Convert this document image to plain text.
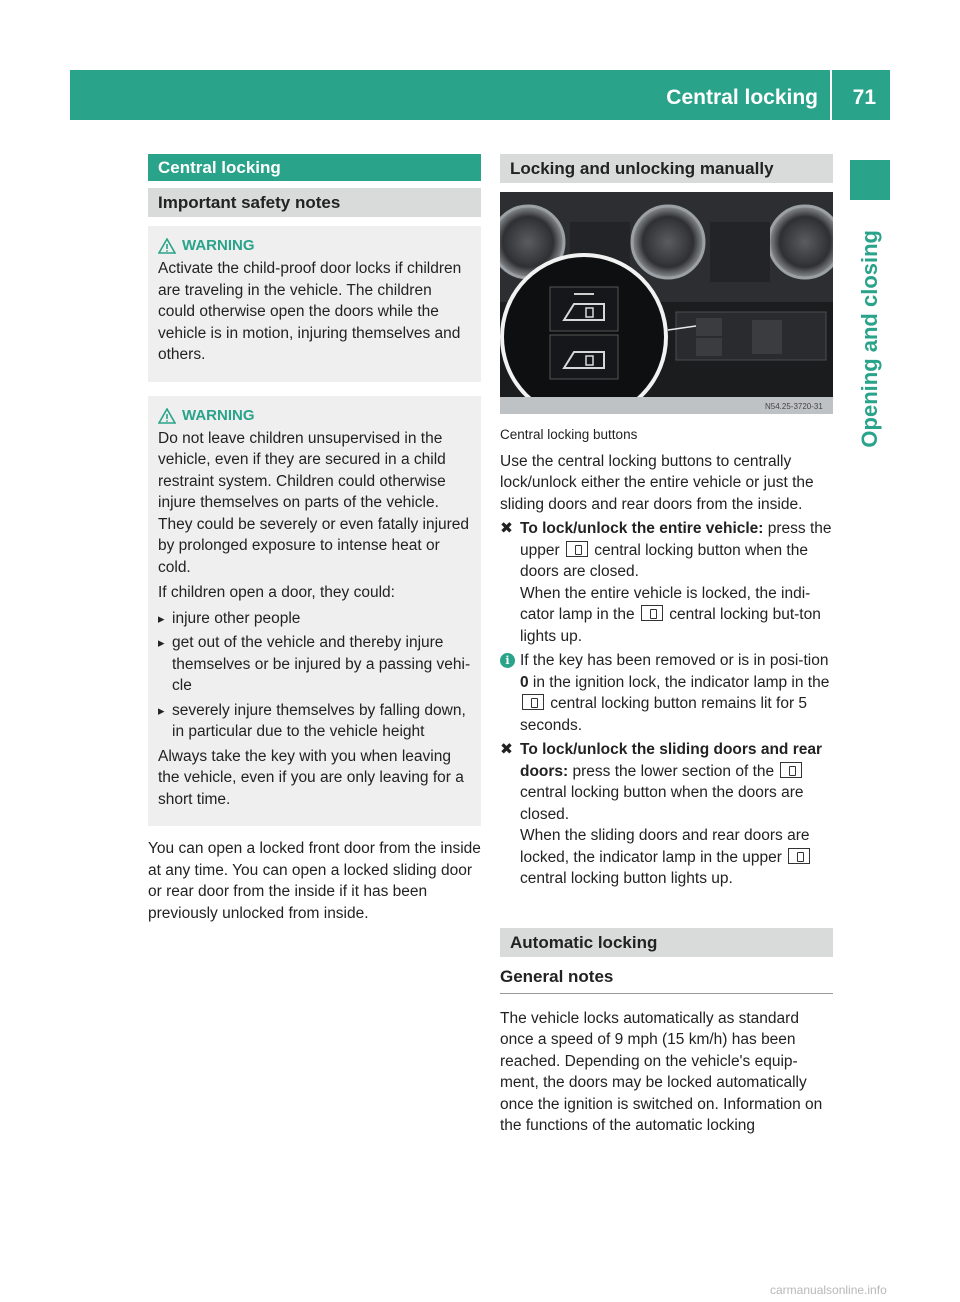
Central locking 71
Opening and closing
Central locking
Important safety notes
WARNING

Activate the child-proof door locks if children are traveling in the vehicle. The children could otherwise open the doors while the vehicle is in motion, injuring themselves and others.

WARNING

Do not leave children unsupervised in the vehicle, even if they are secured in a child restraint system. Children could otherwise injure themselves on parts of the vehicle. They could be severely or even fatally injured by prolonged exposure to intense heat or cold.

If children open a door, they could:

▸ injure other people
▸ get out of the vehicle and thereby injure themselves or be injured by a passing vehi-cle
▸ severely injure themselves by falling down, in particular due to the vehicle height

Always take the key with you when leaving the vehicle, even if you are only leaving for a short time.

You can open a locked front door from the inside at any time. You can open a locked sliding door or rear door from the inside if it has been previously unlocked from inside.

Locking and unlocking manually
N54.25-3720-31
Central locking buttons

Use the central locking buttons to centrally lock/unlock either the entire vehicle or just the sliding doors and rear doors from the inside.

✖ To lock/unlock the entire vehicle: press the upper  central locking button when the doors are closed.
When the entire vehicle is locked, the indi-cator lamp in the  central locking but-ton lights up.
i If the key has been removed or is in posi-tion 0 in the ignition lock, the indicator lamp in the  central locking button remains lit for 5 seconds.
✖ To lock/unlock the sliding doors and rear doors: press the lower section of the  central locking button when the doors are closed.
When the sliding doors and rear doors are locked, the indicator lamp in the upper  central locking button lights up.
Automatic locking
General notes

The vehicle locks automatically as standard once a speed of 9 mph (15 km/h) has been reached. Depending on the vehicle's equip-ment, the doors may be locked automatically once the ignition is switched on. Information on the functions of the automatic locking

carmanualsonline.info
